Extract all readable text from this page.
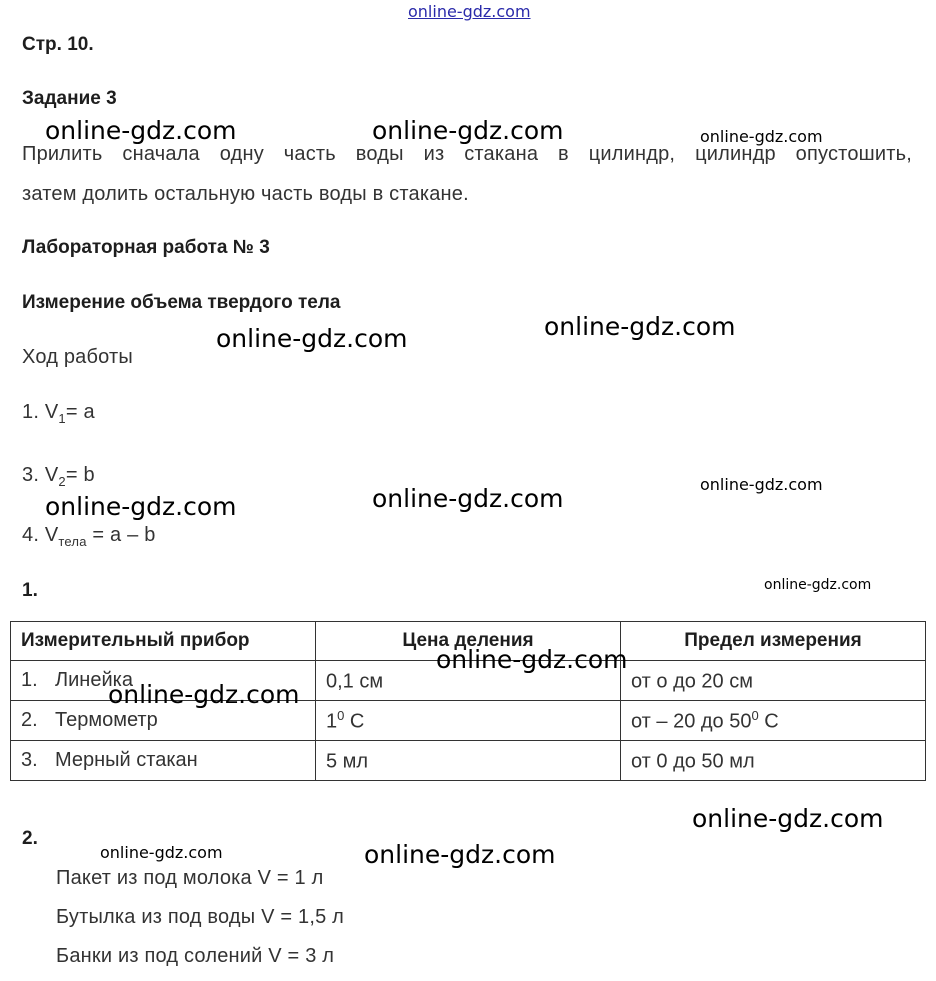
online-gdz.com
Стр. 10.
Задание 3
Прилить сначала одну часть воды из стакана в цилиндр, цилиндр опустошить,
затем долить остальную часть воды в стакане.
Лабораторная работа № 3
Измерение объема твердого тела
Ход работы
1. $V_1= a$
3. $V_2= b$
4. $V_{тела} = a - b$
1.
Измерительный прибор	Цена деления	Предел измерения
1. Линейка	0,1 см	от о до 20 см
2. Термометр	$1^0$ С	от – 20 до $50^0$ С
3. Мерный стакан	5 мл	от 0 до 50 мл
2.
Пакет из под молока V = 1 л
Бутылка из под воды V = 1,5 л
Банки из под солений V = 3 л
online-gdz.com	online-gdz.com	online-gdz.com
online-gdz.com
online-gdz.com
online-gdz.com	online-gdz.com
online-gdz.com
online-gdz.com
online-gdz.com
online-gdz.com
online-gdz.com
online-gdz.com	online-gdz.com
